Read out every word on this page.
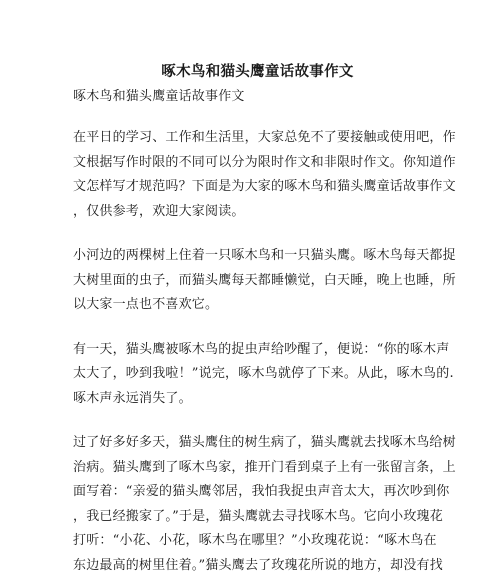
啄木鸟和猫头鹰童话故事作文

啄木鸟和猫头鹰童话故事作文

在平日的学习、工作和生活里，大家总免不了要接触或使用吧，作
文根据写作时限的不同可以分为限时作文和非限时作文。你知道作
文怎样写才规范吗？下面是为大家的啄木鸟和猫头鹰童话故事作文
，仅供参考，欢迎大家阅读。

小河边的两棵树上住着一只啄木鸟和一只猫头鹰。啄木鸟每天都捉
大树里面的虫子，而猫头鹰每天都睡懒觉，白天睡，晚上也睡，所
以大家一点也不喜欢它。

有一天，猫头鹰被啄木鸟的捉虫声给吵醒了，便说：“你的啄木声
太大了，吵到我啦！”说完，啄木鸟就停了下来。从此，啄木鸟的.
啄木声永远消失了。

过了好多好多天，猫头鹰住的树生病了，猫头鹰就去找啄木鸟给树
治病。猫头鹰到了啄木鸟家，推开门看到桌子上有一张留言条，上
面写着：“亲爱的猫头鹰邻居，我怕我捉虫声音太大，再次吵到你
，我已经搬家了。”于是，猫头鹰就去寻找啄木鸟。它向小玫瑰花
打听：“小花、小花，啄木鸟在哪里？”小玫瑰花说：“啄木鸟在
东边最高的树里住着。”猫头鹰去了玫瑰花所说的地方，却没有找
